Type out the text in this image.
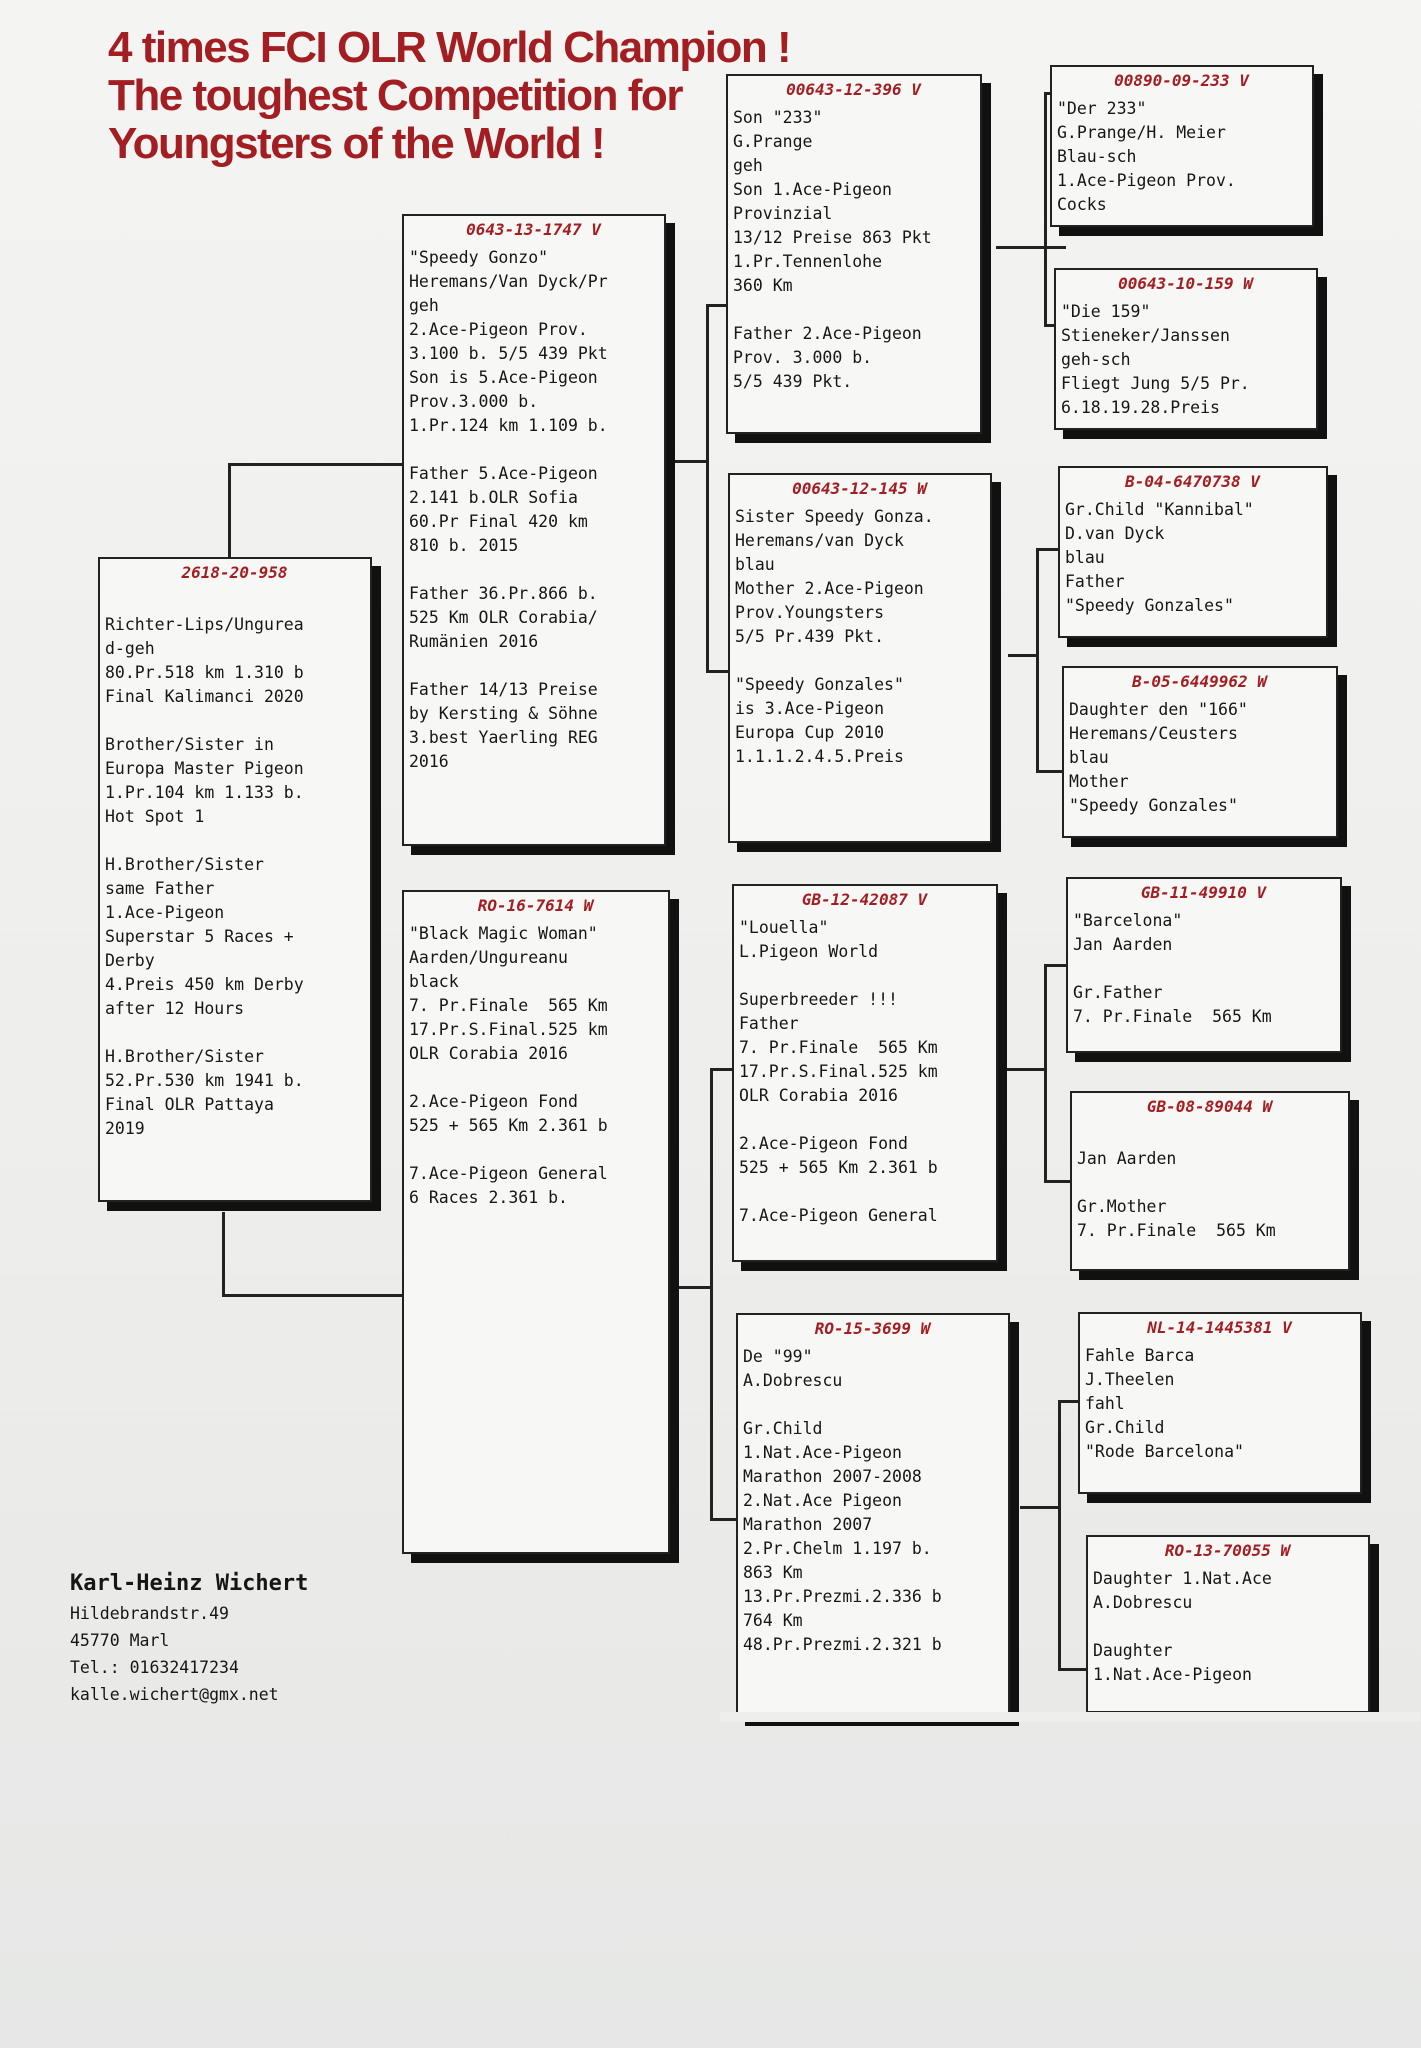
4 times FCI OLR World Champion !
The toughest Competition for
Youngsters of the World !
2618-20-958

Richter-Lips/Ungurea
d-geh
80.Pr.518 km 1.310 b
Final Kalimanci 2020

Brother/Sister in
Europa Master Pigeon
1.Pr.104 km 1.133 b.
Hot Spot 1

H.Brother/Sister
same Father
1.Ace-Pigeon
Superstar 5 Races +
Derby
4.Preis 450 km Derby
after 12 Hours

H.Brother/Sister
52.Pr.530 km 1941 b.
Final OLR Pattaya
2019
0643-13-1747 V
"Speedy Gonzo"
Heremans/Van Dyck/Pr
geh
2.Ace-Pigeon Prov.
3.100 b. 5/5 439 Pkt
Son is 5.Ace-Pigeon
Prov.3.000 b.
1.Pr.124 km 1.109 b.

Father 5.Ace-Pigeon
2.141 b.OLR Sofia
60.Pr Final 420 km
810 b. 2015

Father 36.Pr.866 b.
525 Km OLR Corabia/
Rumänien 2016

Father 14/13 Preise
by Kersting & Söhne
3.best Yaerling REG
2016
RO-16-7614 W
"Black Magic Woman"
Aarden/Ungureanu
black
7. Pr.Finale  565 Km
17.Pr.S.Final.525 km
OLR Corabia 2016

2.Ace-Pigeon Fond
525 + 565 Km 2.361 b

7.Ace-Pigeon General
6 Races 2.361 b.
00643-12-396 V
Son "233"
G.Prange
geh
Son 1.Ace-Pigeon
Provinzial
13/12 Preise 863 Pkt
1.Pr.Tennenlohe
360 Km

Father 2.Ace-Pigeon
Prov. 3.000 b.
5/5 439 Pkt.
00643-12-145 W
Sister Speedy Gonza.
Heremans/van Dyck
blau
Mother 2.Ace-Pigeon
Prov.Youngsters
5/5 Pr.439 Pkt.

"Speedy Gonzales"
is 3.Ace-Pigeon
Europa Cup 2010
1.1.1.2.4.5.Preis
GB-12-42087 V
"Louella"
L.Pigeon World

Superbreeder !!!
Father
7. Pr.Finale  565 Km
17.Pr.S.Final.525 km
OLR Corabia 2016

2.Ace-Pigeon Fond
525 + 565 Km 2.361 b

7.Ace-Pigeon General
RO-15-3699 W
De "99"
A.Dobrescu

Gr.Child
1.Nat.Ace-Pigeon
Marathon 2007-2008
2.Nat.Ace Pigeon
Marathon 2007
2.Pr.Chelm 1.197 b.
863 Km
13.Pr.Prezmi.2.336 b
764 Km
48.Pr.Prezmi.2.321 b
00890-09-233 V
"Der 233"
G.Prange/H. Meier
Blau-sch
1.Ace-Pigeon Prov.
Cocks
00643-10-159 W
"Die 159"
Stieneker/Janssen
geh-sch
Fliegt Jung 5/5 Pr.
6.18.19.28.Preis
B-04-6470738 V
Gr.Child "Kannibal"
D.van Dyck
blau
Father
"Speedy Gonzales"
B-05-6449962 W
Daughter den "166"
Heremans/Ceusters
blau
Mother
"Speedy Gonzales"
GB-11-49910 V
"Barcelona"
Jan Aarden

Gr.Father
7. Pr.Finale  565 Km
GB-08-89044 W

Jan Aarden

Gr.Mother
7. Pr.Finale  565 Km
NL-14-1445381 V
Fahle Barca
J.Theelen
fahl
Gr.Child
"Rode Barcelona"
RO-13-70055 W
Daughter 1.Nat.Ace
A.Dobrescu

Daughter
1.Nat.Ace-Pigeon
Karl-Heinz Wichert
Hildebrandstr.49
45770 Marl
Tel.: 01632417234
kalle.wichert@gmx.net
